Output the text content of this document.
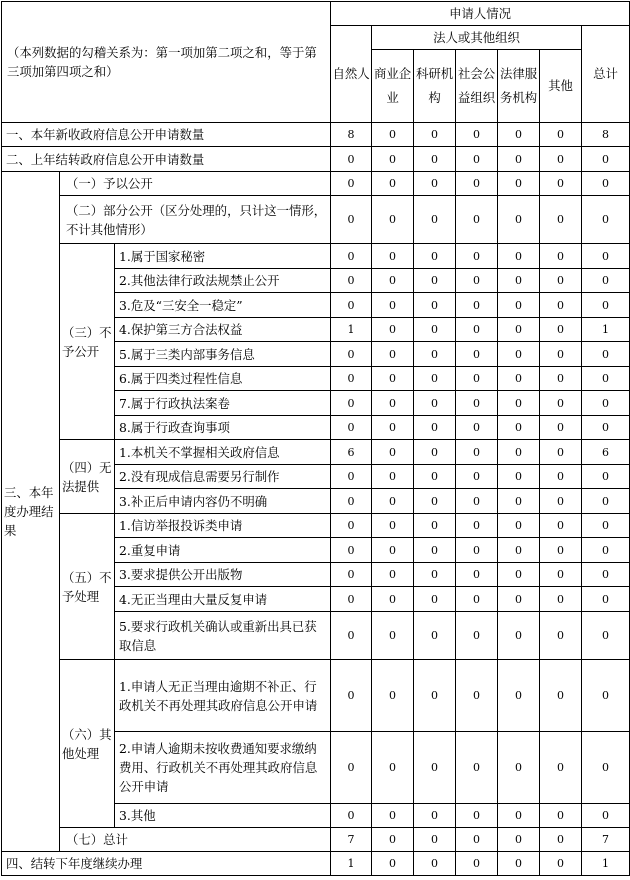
（本列数据的勾稽关系为：第一项加第二项之和，等于第三项加第四项之和）			申请人情况						
			自然人	法人或其他组织					总计
				商业企业	科研机构	社会公益组织	法律服务机构	其他	
一、本年新收政府信息公开申请数量			8	0	0	0	0	0	8
二、上年结转政府信息公开申请数量			0	0	0	0	0	0	0
三、本年度办理结果	（一）予以公开		0	0	0	0	0	0	0
	（二）部分公开（区分处理的，只计这一情形，不计其他情形）		0	0	0	0	0	0	0
	（三）不予公开	1.属于国家秘密	0	0	0	0	0	0	0
		2.其他法律行政法规禁止公开	0	0	0	0	0	0	0
		3.危及“三安全一稳定”	0	0	0	0	0	0	0
		4.保护第三方合法权益	1	0	0	0	0	0	1
		5.属于三类内部事务信息	0	0	0	0	0	0	0
		6.属于四类过程性信息	0	0	0	0	0	0	0
		7.属于行政执法案卷	0	0	0	0	0	0	0
		8.属于行政查询事项	0	0	0	0	0	0	0
	（四）无法提供	1.本机关不掌握相关政府信息	6	0	0	0	0	0	6
		2.没有现成信息需要另行制作	0	0	0	0	0	0	0
		3.补正后申请内容仍不明确	0	0	0	0	0	0	0
	（五）不予处理	1.信访举报投诉类申请	0	0	0	0	0	0	0
		2.重复申请	0	0	0	0	0	0	0
		3.要求提供公开出版物	0	0	0	0	0	0	0
		4.无正当理由大量反复申请	0	0	0	0	0	0	0
		5.要求行政机关确认或重新出具已获取信息	0	0	0	0	0	0	0
	（六）其他处理	1.申请人无正当理由逾期不补正、行政机关不再处理其政府信息公开申请	0	0	0	0	0	0	0
		2.申请人逾期未按收费通知要求缴纳费用、行政机关不再处理其政府信息公开申请	0	0	0	0	0	0	0
		3.其他	0	0	0	0	0	0	0
	（七）总计		7	0	0	0	0	0	7
四、结转下年度继续办理			1	0	0	0	0	0	1
